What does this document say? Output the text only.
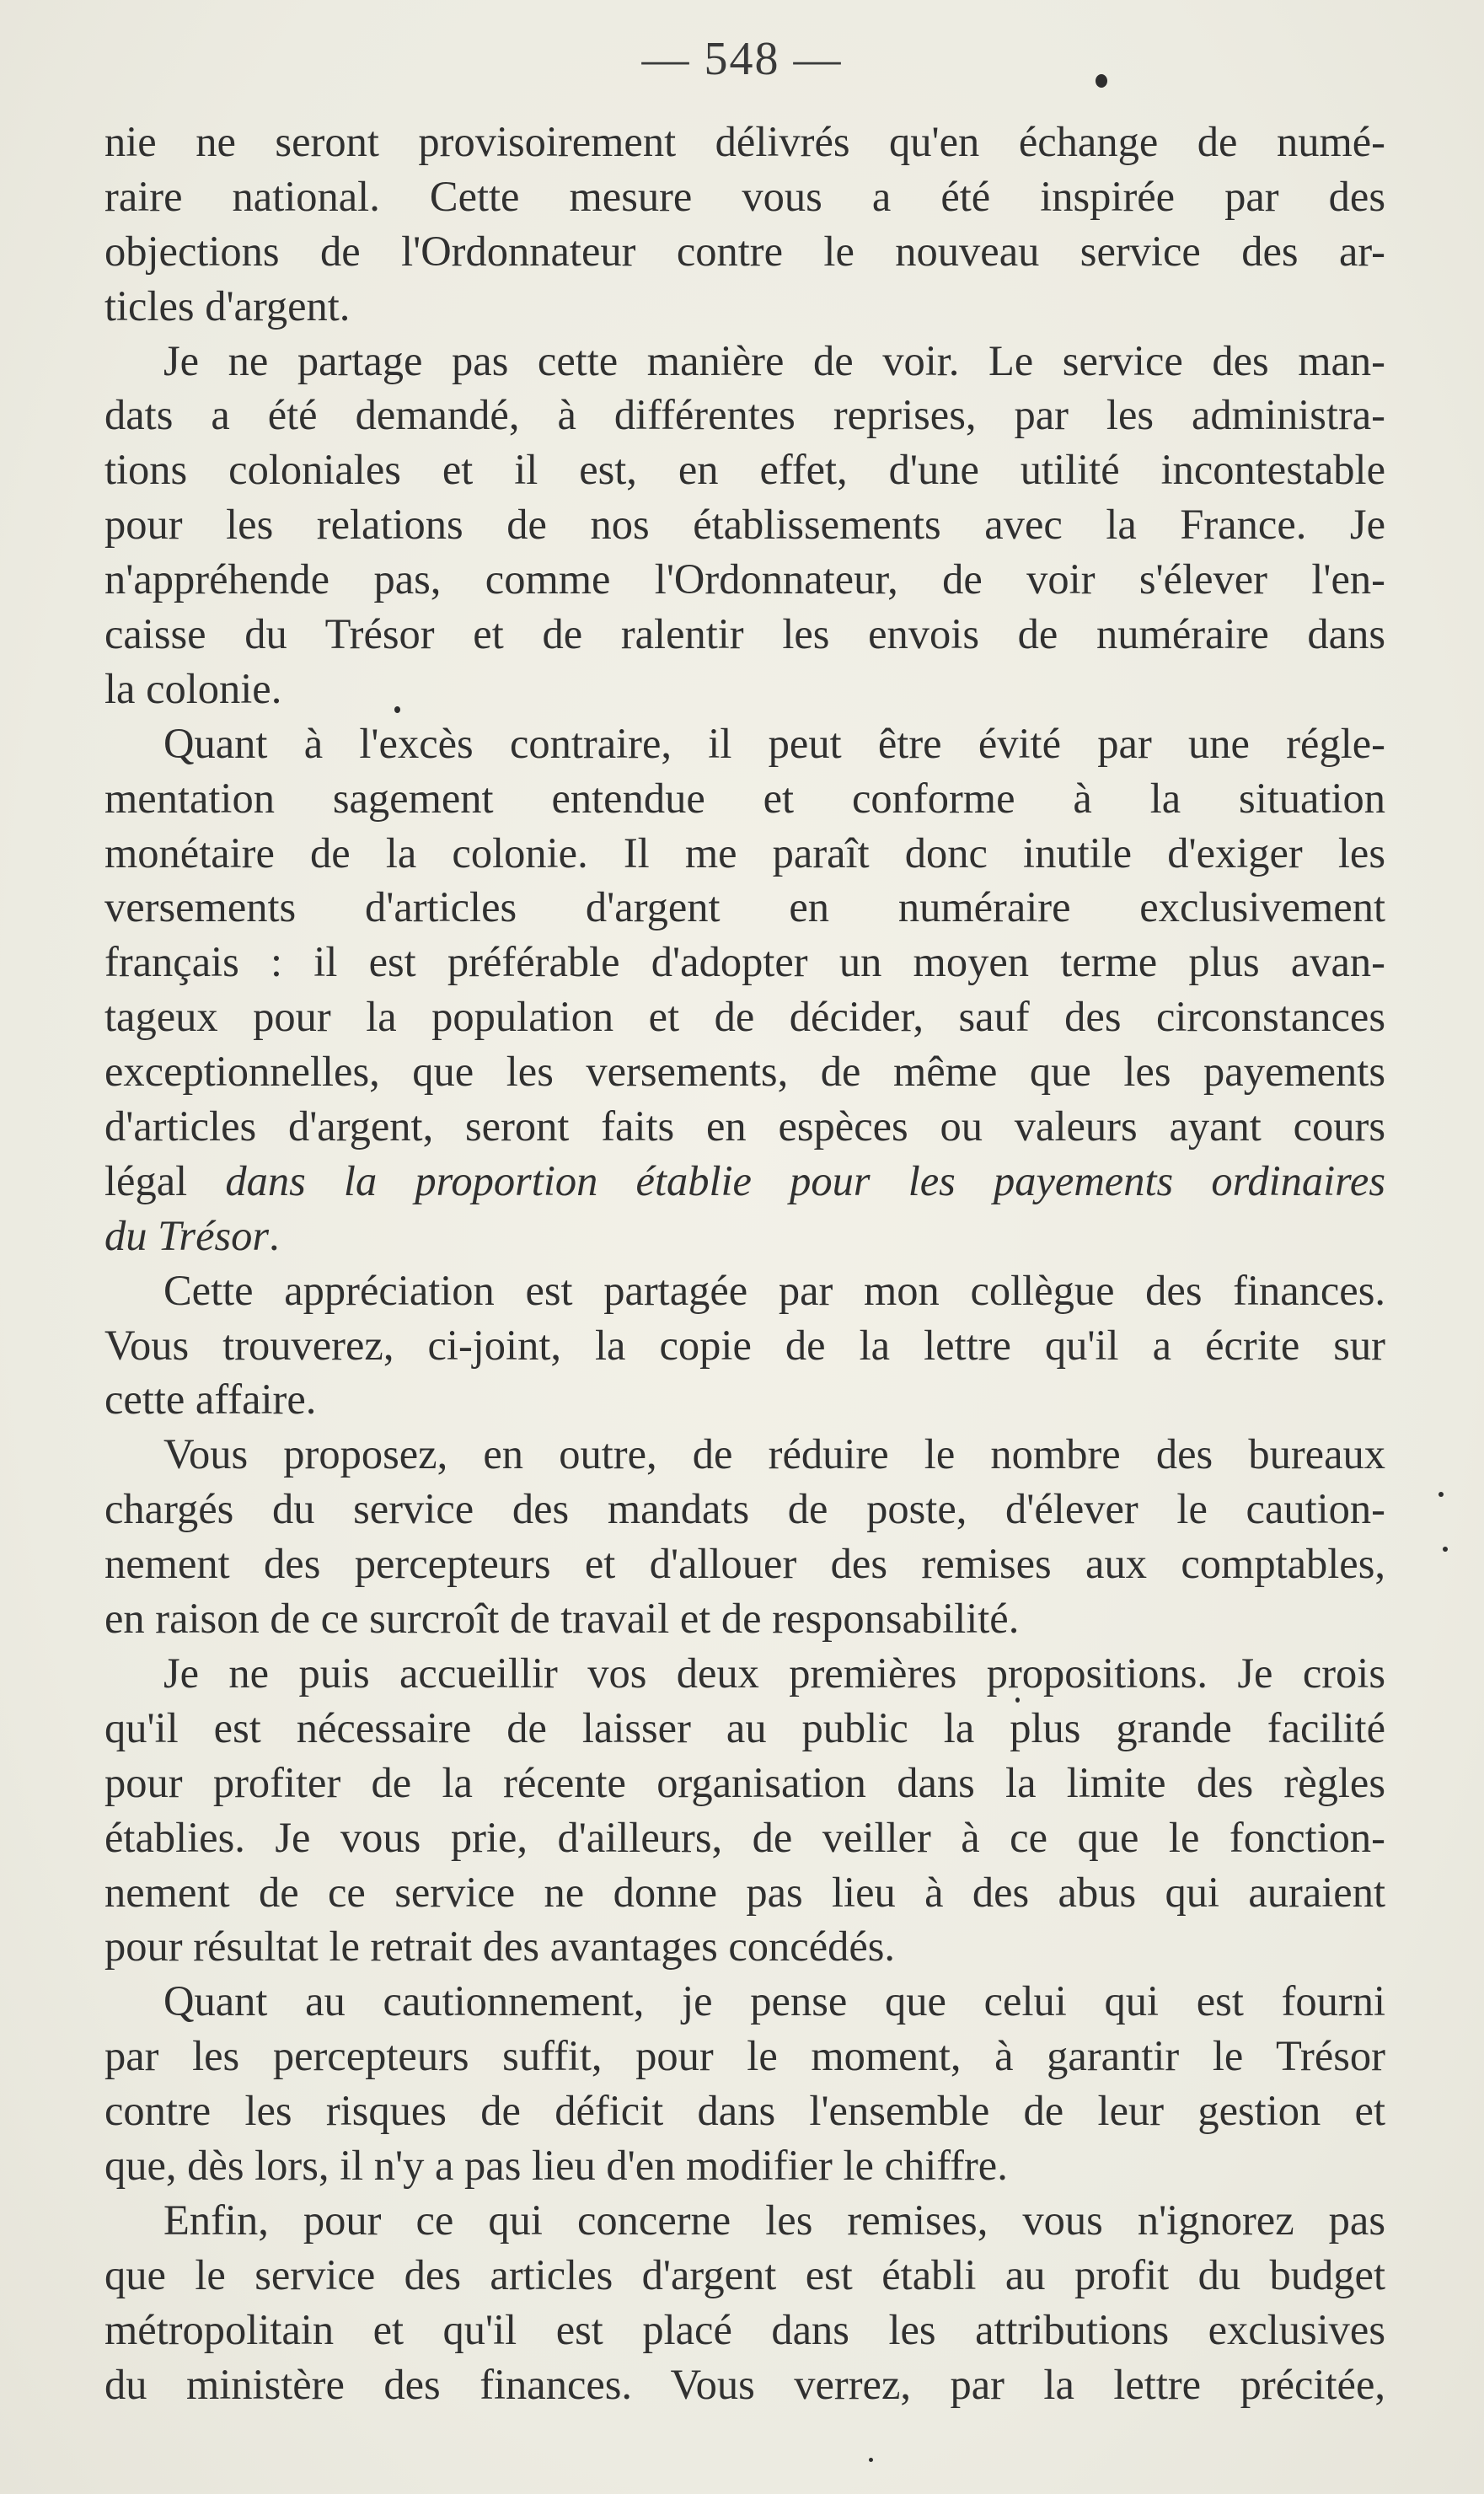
— 548 —
nie ne seront provisoirement délivrés qu'en échange de numé-
raire national. Cette mesure vous a été inspirée par des
objections de l'Ordonnateur contre le nouveau service des ar-
ticles d'argent.
Je ne partage pas cette manière de voir. Le service des man-
dats a été demandé, à différentes reprises, par les administra-
tions coloniales et il est, en effet, d'une utilité incontestable
pour les relations de nos établissements avec la France. Je
n'appréhende pas, comme l'Ordonnateur, de voir s'élever l'en-
caisse du Trésor et de ralentir les envois de numéraire dans
la colonie.
Quant à l'excès contraire, il peut être évité par une régle-
mentation sagement entendue et conforme à la situation
monétaire de la colonie. Il me paraît donc inutile d'exiger les
versements d'articles d'argent en numéraire exclusivement
français : il est préférable d'adopter un moyen terme plus avan-
tageux pour la population et de décider, sauf des circonstances
exceptionnelles, que les versements, de même que les payements
d'articles d'argent, seront faits en espèces ou valeurs ayant cours
légal dans la proportion établie pour les payements ordinaires
du Trésor.
Cette appréciation est partagée par mon collègue des finances.
Vous trouverez, ci-joint, la copie de la lettre qu'il a écrite sur
cette affaire.
Vous proposez, en outre, de réduire le nombre des bureaux
chargés du service des mandats de poste, d'élever le caution-
nement des percepteurs et d'allouer des remises aux comptables,
en raison de ce surcroît de travail et de responsabilité.
Je ne puis accueillir vos deux premières propositions. Je crois
qu'il est nécessaire de laisser au public la plus grande facilité
pour profiter de la récente organisation dans la limite des règles
établies. Je vous prie, d'ailleurs, de veiller à ce que le fonction-
nement de ce service ne donne pas lieu à des abus qui auraient
pour résultat le retrait des avantages concédés.
Quant au cautionnement, je pense que celui qui est fourni
par les percepteurs suffit, pour le moment, à garantir le Trésor
contre les risques de déficit dans l'ensemble de leur gestion et
que, dès lors, il n'y a pas lieu d'en modifier le chiffre.
Enfin, pour ce qui concerne les remises, vous n'ignorez pas
que le service des articles d'argent est établi au profit du budget
métropolitain et qu'il est placé dans les attributions exclusives
du ministère des finances. Vous verrez, par la lettre précitée,
